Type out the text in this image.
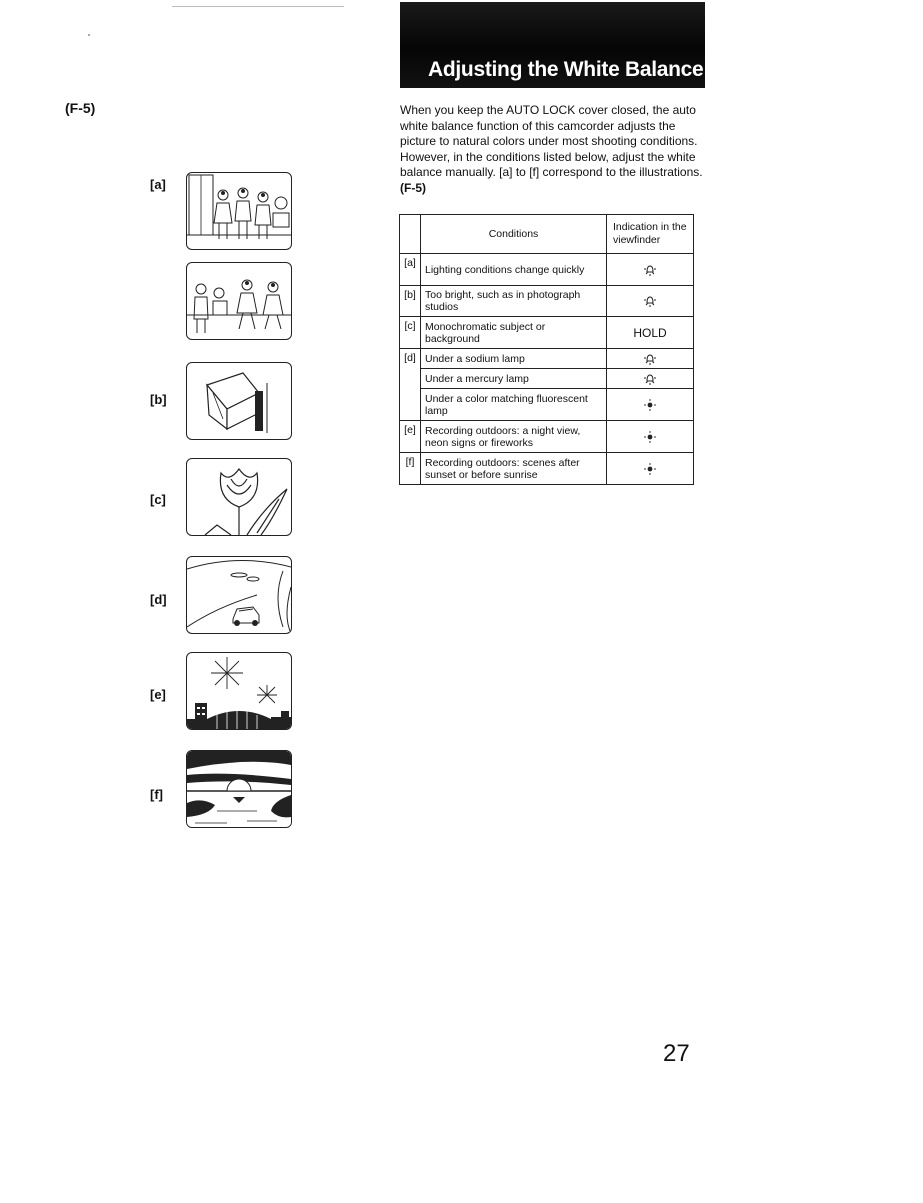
(F-5)
Adjusting the White Balance
When you keep the AUTO LOCK cover closed, the auto white balance function of this camcorder adjusts the picture to natural colors under most shooting conditions. However, in the conditions listed below, adjust the white balance manually. [a] to [f] correspond to the illustrations. (F-5)
[a]
[b]
[c]
[d]
[e]
[f]
	Conditions	Indication in the viewfinder
[a]	Lighting conditions change quickly	
[b]	Too bright, such as in photograph studios	
[c]	Monochromatic subject or background	HOLD
[d]	Under a sodium lamp	
	Under a mercury lamp	
	Under a color matching fluorescent lamp	
[e]	Recording outdoors: a night view, neon signs or fireworks	
[f]	Recording outdoors: scenes after sunset or before sunrise	
27
